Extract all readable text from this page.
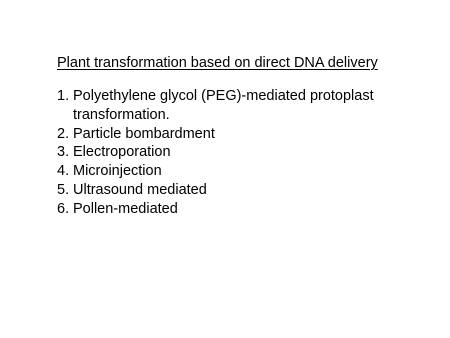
Plant transformation based on direct DNA delivery
1. Polyethylene glycol (PEG)-mediated protoplast
transformation.
2. Particle bombardment
3. Electroporation
4. Microinjection
5. Ultrasound mediated
6. Pollen-mediated
